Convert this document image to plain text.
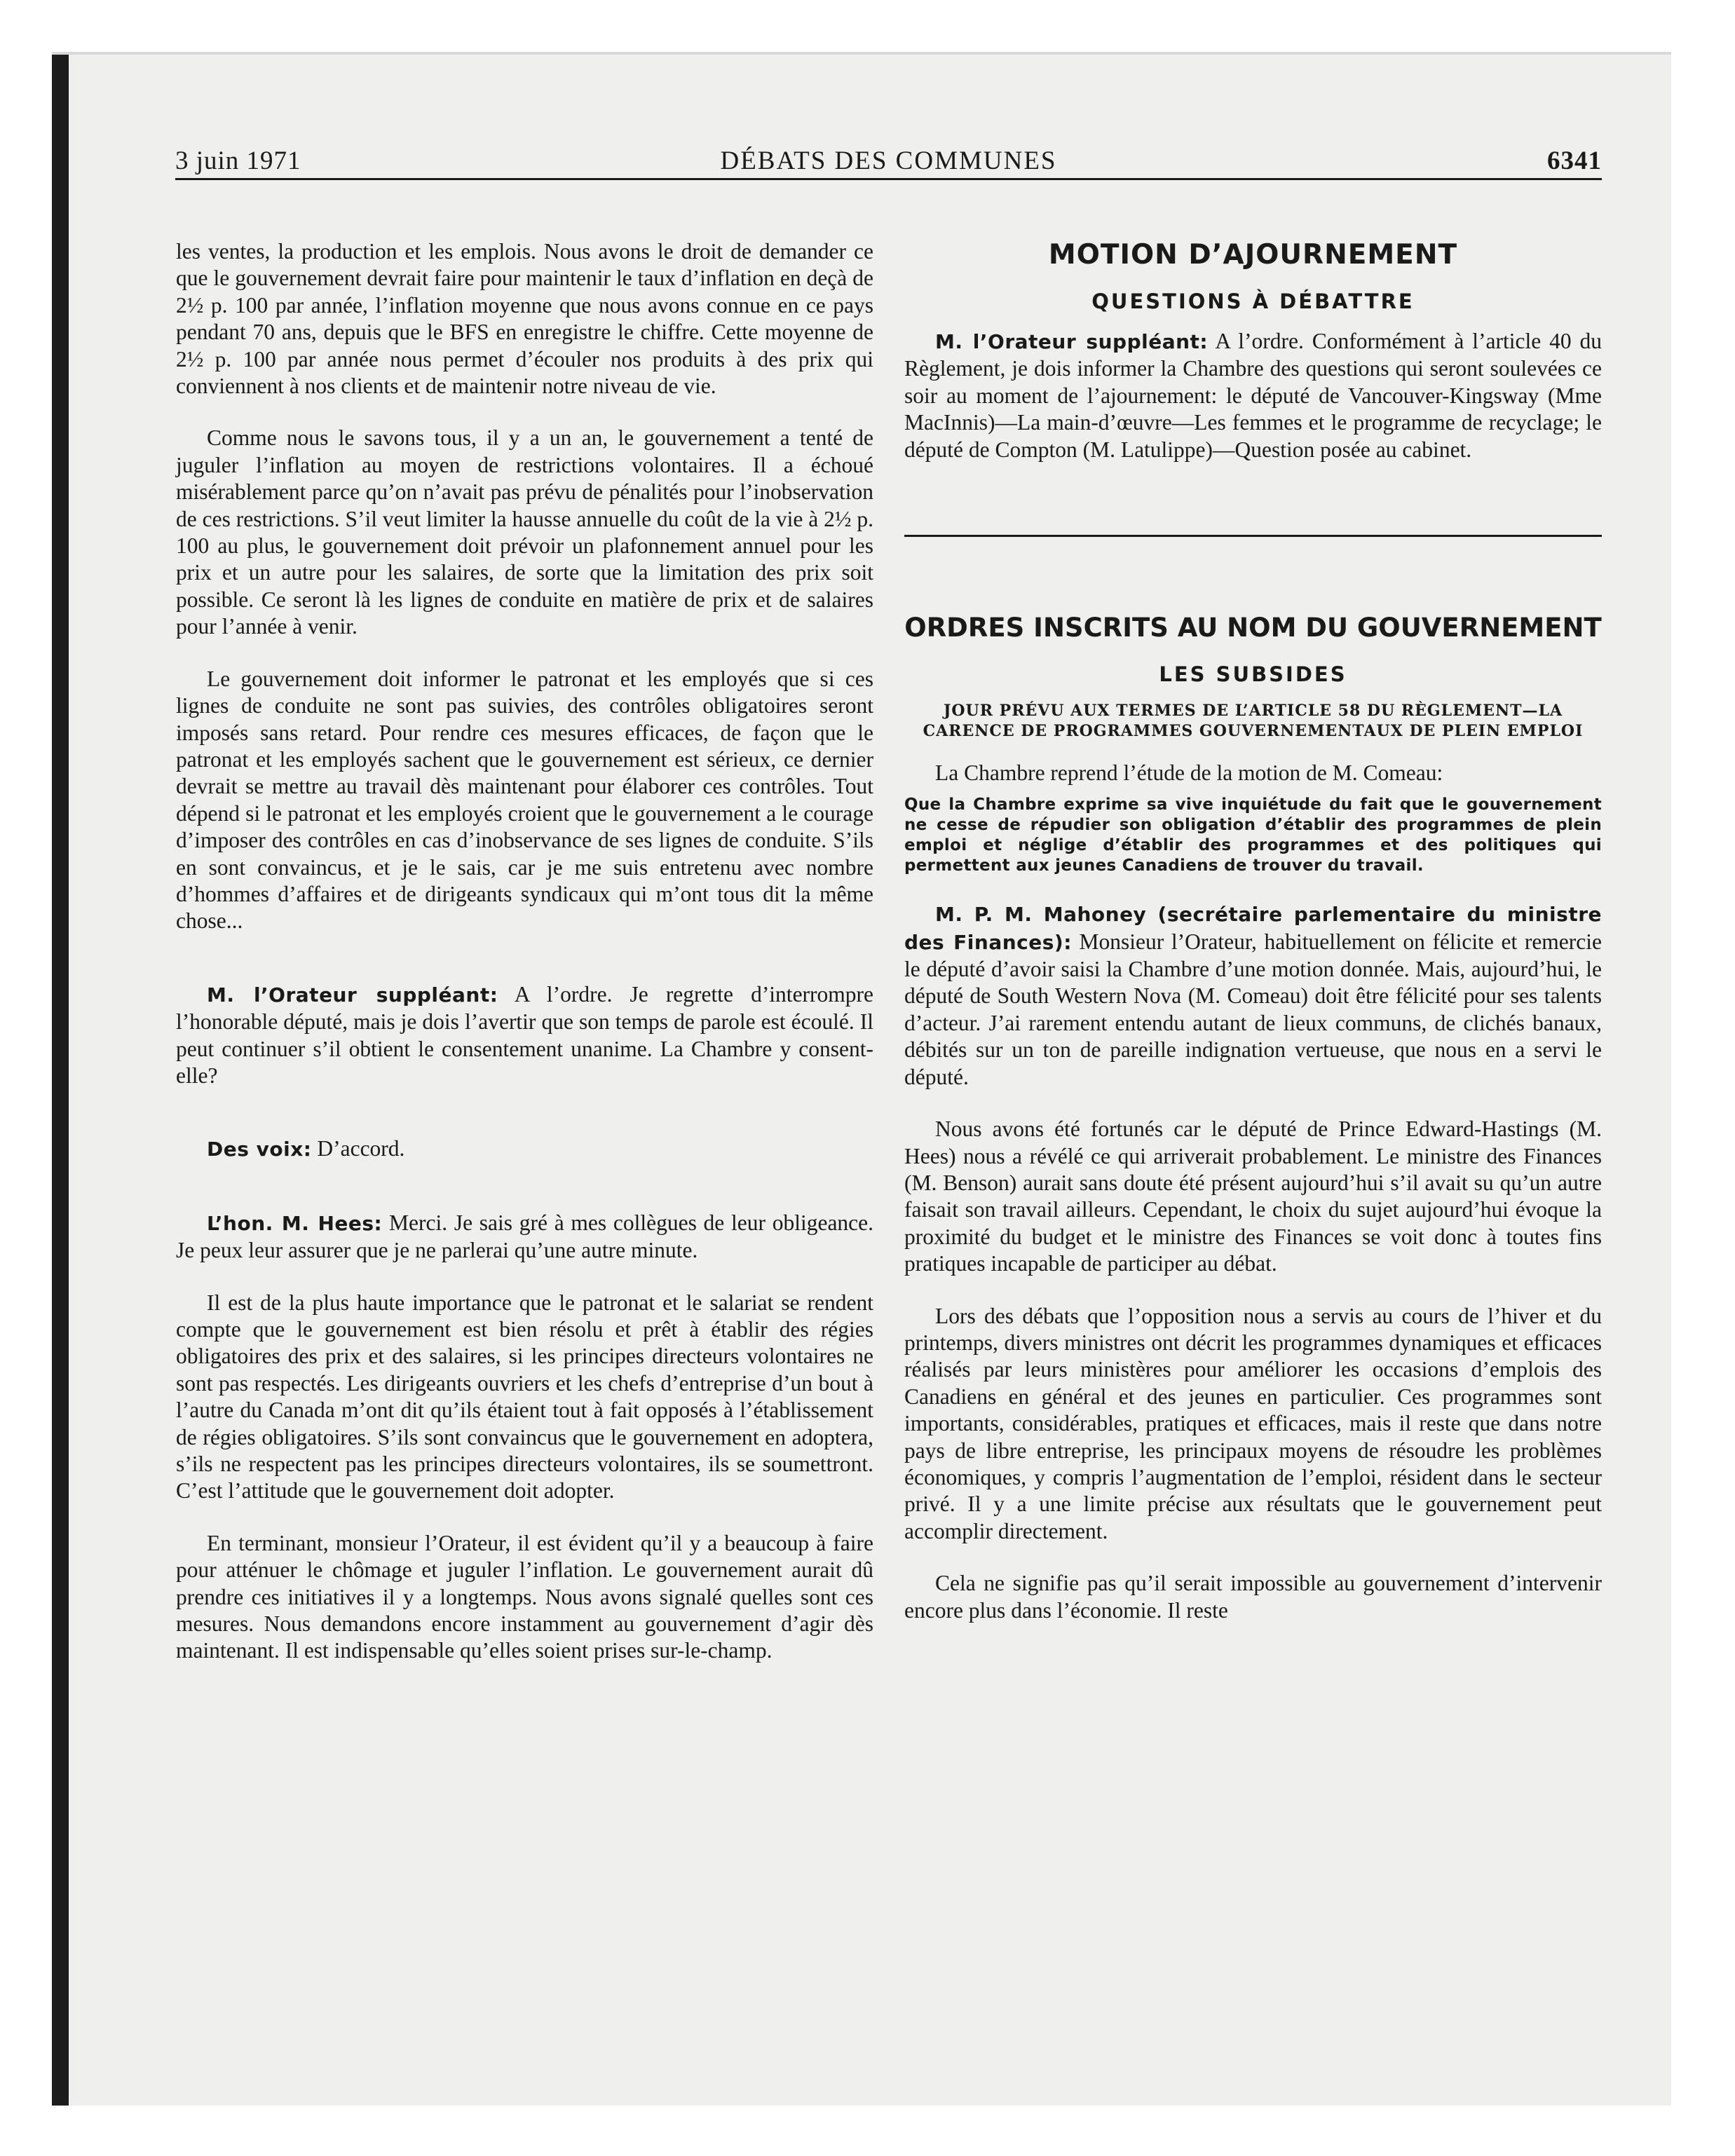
3 juin 1971	DÉBATS DES COMMUNES	6341

les ventes, la production et les emplois. Nous avons le droit de demander ce que le gouvernement devrait faire pour maintenir le taux d’inflation en deçà de 2½ p. 100 par année, l’inflation moyenne que nous avons connue en ce pays pendant 70 ans, depuis que le BFS en enregistre le chiffre. Cette moyenne de 2½ p. 100 par année nous permet d’écouler nos produits à des prix qui conviennent à nos clients et de maintenir notre niveau de vie.

Comme nous le savons tous, il y a un an, le gouvernement a tenté de juguler l’inflation au moyen de restrictions volontaires. Il a échoué misérablement parce qu’on n’avait pas prévu de pénalités pour l’inobservation de ces restrictions. S’il veut limiter la hausse annuelle du coût de la vie à 2½ p. 100 au plus, le gouvernement doit prévoir un plafonnement annuel pour les prix et un autre pour les salaires, de sorte que la limitation des prix soit possible. Ce seront là les lignes de conduite en matière de prix et de salaires pour l’année à venir.

Le gouvernement doit informer le patronat et les employés que si ces lignes de conduite ne sont pas suivies, des contrôles obligatoires seront imposés sans retard. Pour rendre ces mesures efficaces, de façon que le patronat et les employés sachent que le gouvernement est sérieux, ce dernier devrait se mettre au travail dès maintenant pour élaborer ces contrôles. Tout dépend si le patronat et les employés croient que le gouvernement a le courage d’imposer des contrôles en cas d’inobservance de ses lignes de conduite. S’ils en sont convaincus, et je le sais, car je me suis entretenu avec nombre d’hommes d’affaires et de dirigeants syndicaux qui m’ont tous dit la même chose...

M. l’Orateur suppléant: A l’ordre. Je regrette d’interrompre l’honorable député, mais je dois l’avertir que son temps de parole est écoulé. Il peut continuer s’il obtient le consentement unanime. La Chambre y consent-elle?

Des voix: D’accord.

L’hon. M. Hees: Merci. Je sais gré à mes collègues de leur obligeance. Je peux leur assurer que je ne parlerai qu’une autre minute.

Il est de la plus haute importance que le patronat et le salariat se rendent compte que le gouvernement est bien résolu et prêt à établir des régies obligatoires des prix et des salaires, si les principes directeurs volontaires ne sont pas respectés. Les dirigeants ouvriers et les chefs d’entreprise d’un bout à l’autre du Canada m’ont dit qu’ils étaient tout à fait opposés à l’établissement de régies obligatoires. S’ils sont convaincus que le gouvernement en adoptera, s’ils ne respectent pas les principes directeurs volontaires, ils se soumettront. C’est l’attitude que le gouvernement doit adopter.

En terminant, monsieur l’Orateur, il est évident qu’il y a beaucoup à faire pour atténuer le chômage et juguler l’inflation. Le gouvernement aurait dû prendre ces initiatives il y a longtemps. Nous avons signalé quelles sont ces mesures. Nous demandons encore instamment au gouvernement d’agir dès maintenant. Il est indispensable qu’elles soient prises sur-le-champ.

MOTION D’AJOURNEMENT
QUESTIONS À DÉBATTRE

M. l’Orateur suppléant: A l’ordre. Conformément à l’article 40 du Règlement, je dois informer la Chambre des questions qui seront soulevées ce soir au moment de l’ajournement: le député de Vancouver-Kingsway (Mme MacInnis)—La main-d’œuvre—Les femmes et le programme de recyclage; le député de Compton (M. Latulippe)—Question posée au cabinet.

ORDRES INSCRITS AU NOM DU GOUVERNEMENT
LES SUBSIDES
JOUR PRÉVU AUX TERMES DE L’ARTICLE 58 DU RÈGLEMENT—LA CARENCE DE PROGRAMMES GOUVERNEMENTAUX DE PLEIN EMPLOI

La Chambre reprend l’étude de la motion de M. Comeau:

Que la Chambre exprime sa vive inquiétude du fait que le gouvernement ne cesse de répudier son obligation d’établir des programmes de plein emploi et néglige d’établir des programmes et des politiques qui permettent aux jeunes Canadiens de trouver du travail.

M. P. M. Mahoney (secrétaire parlementaire du ministre des Finances): Monsieur l’Orateur, habituellement on félicite et remercie le député d’avoir saisi la Chambre d’une motion donnée. Mais, aujourd’hui, le député de South Western Nova (M. Comeau) doit être félicité pour ses talents d’acteur. J’ai rarement entendu autant de lieux communs, de clichés banaux, débités sur un ton de pareille indignation vertueuse, que nous en a servi le député.

Nous avons été fortunés car le député de Prince Edward-Hastings (M. Hees) nous a révélé ce qui arriverait probablement. Le ministre des Finances (M. Benson) aurait sans doute été présent aujourd’hui s’il avait su qu’un autre faisait son travail ailleurs. Cependant, le choix du sujet aujourd’hui évoque la proximité du budget et le ministre des Finances se voit donc à toutes fins pratiques incapable de participer au débat.

Lors des débats que l’opposition nous a servis au cours de l’hiver et du printemps, divers ministres ont décrit les programmes dynamiques et efficaces réalisés par leurs ministères pour améliorer les occasions d’emplois des Canadiens en général et des jeunes en particulier. Ces programmes sont importants, considérables, pratiques et efficaces, mais il reste que dans notre pays de libre entreprise, les principaux moyens de résoudre les problèmes économiques, y compris l’augmentation de l’emploi, résident dans le secteur privé. Il y a une limite précise aux résultats que le gouvernement peut accomplir directement.

Cela ne signifie pas qu’il serait impossible au gouvernement d’intervenir encore plus dans l’économie. Il reste
